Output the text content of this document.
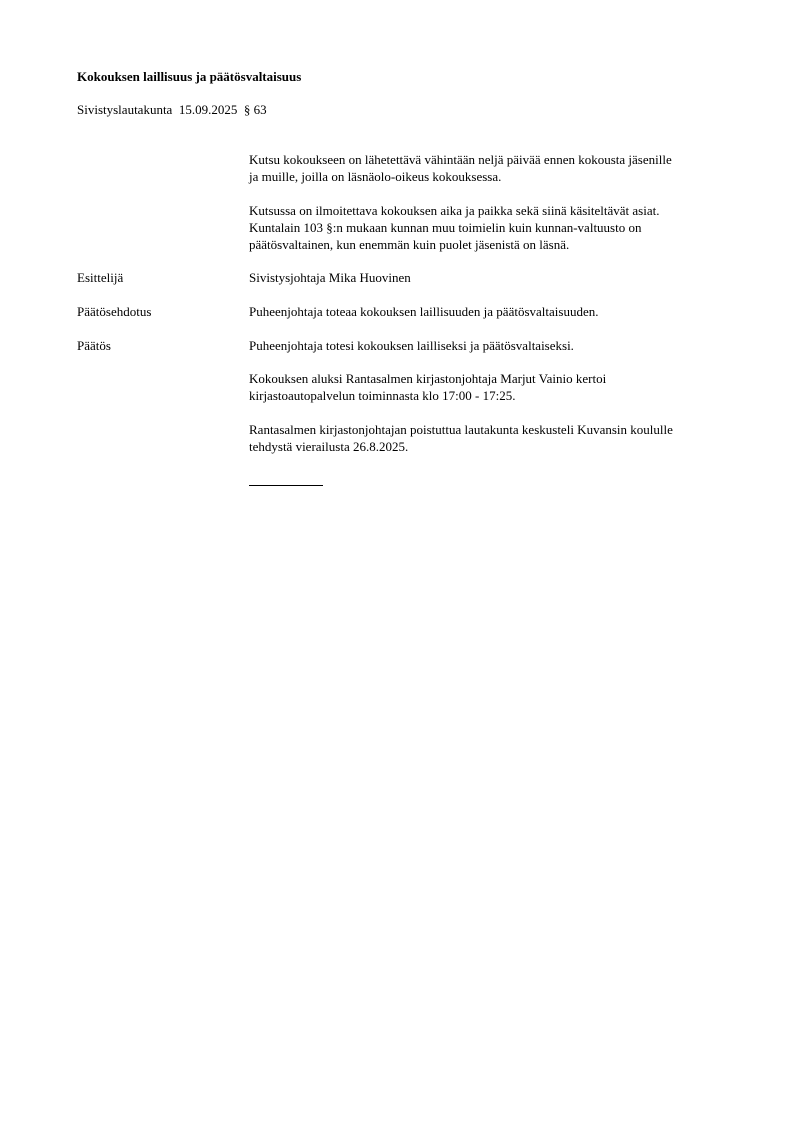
Kokouksen laillisuus ja päätösvaltaisuus
Sivistyslautakunta 15.09.2025 § 63
Kutsu kokoukseen on lähetettävä vähintään neljä päivää ennen kokousta jäsenille
ja muille, joilla on läsnäolo-oikeus kokouksessa.
Kutsussa on ilmoitettava kokouksen aika ja paikka sekä siinä käsiteltävät asiat.
Kuntalain 103 §:n mukaan kunnan muu toimielin kuin kunnan-valtuusto on
päätösvaltainen, kun enemmän kuin puolet jäsenistä on läsnä.
Esittelijä	Sivistysjohtaja Mika Huovinen
Päätösehdotus	Puheenjohtaja toteaa kokouksen laillisuuden ja päätösvaltaisuuden.
Päätös	Puheenjohtaja totesi kokouksen lailliseksi ja päätösvaltaiseksi.
Kokouksen aluksi Rantasalmen kirjastonjohtaja Marjut Vainio kertoi
kirjastoautopalvelun toiminnasta klo 17:00 - 17:25.
Rantasalmen kirjastonjohtajan poistuttua lautakunta keskusteli Kuvansin koululle
tehdystä vierailusta 26.8.2025.
